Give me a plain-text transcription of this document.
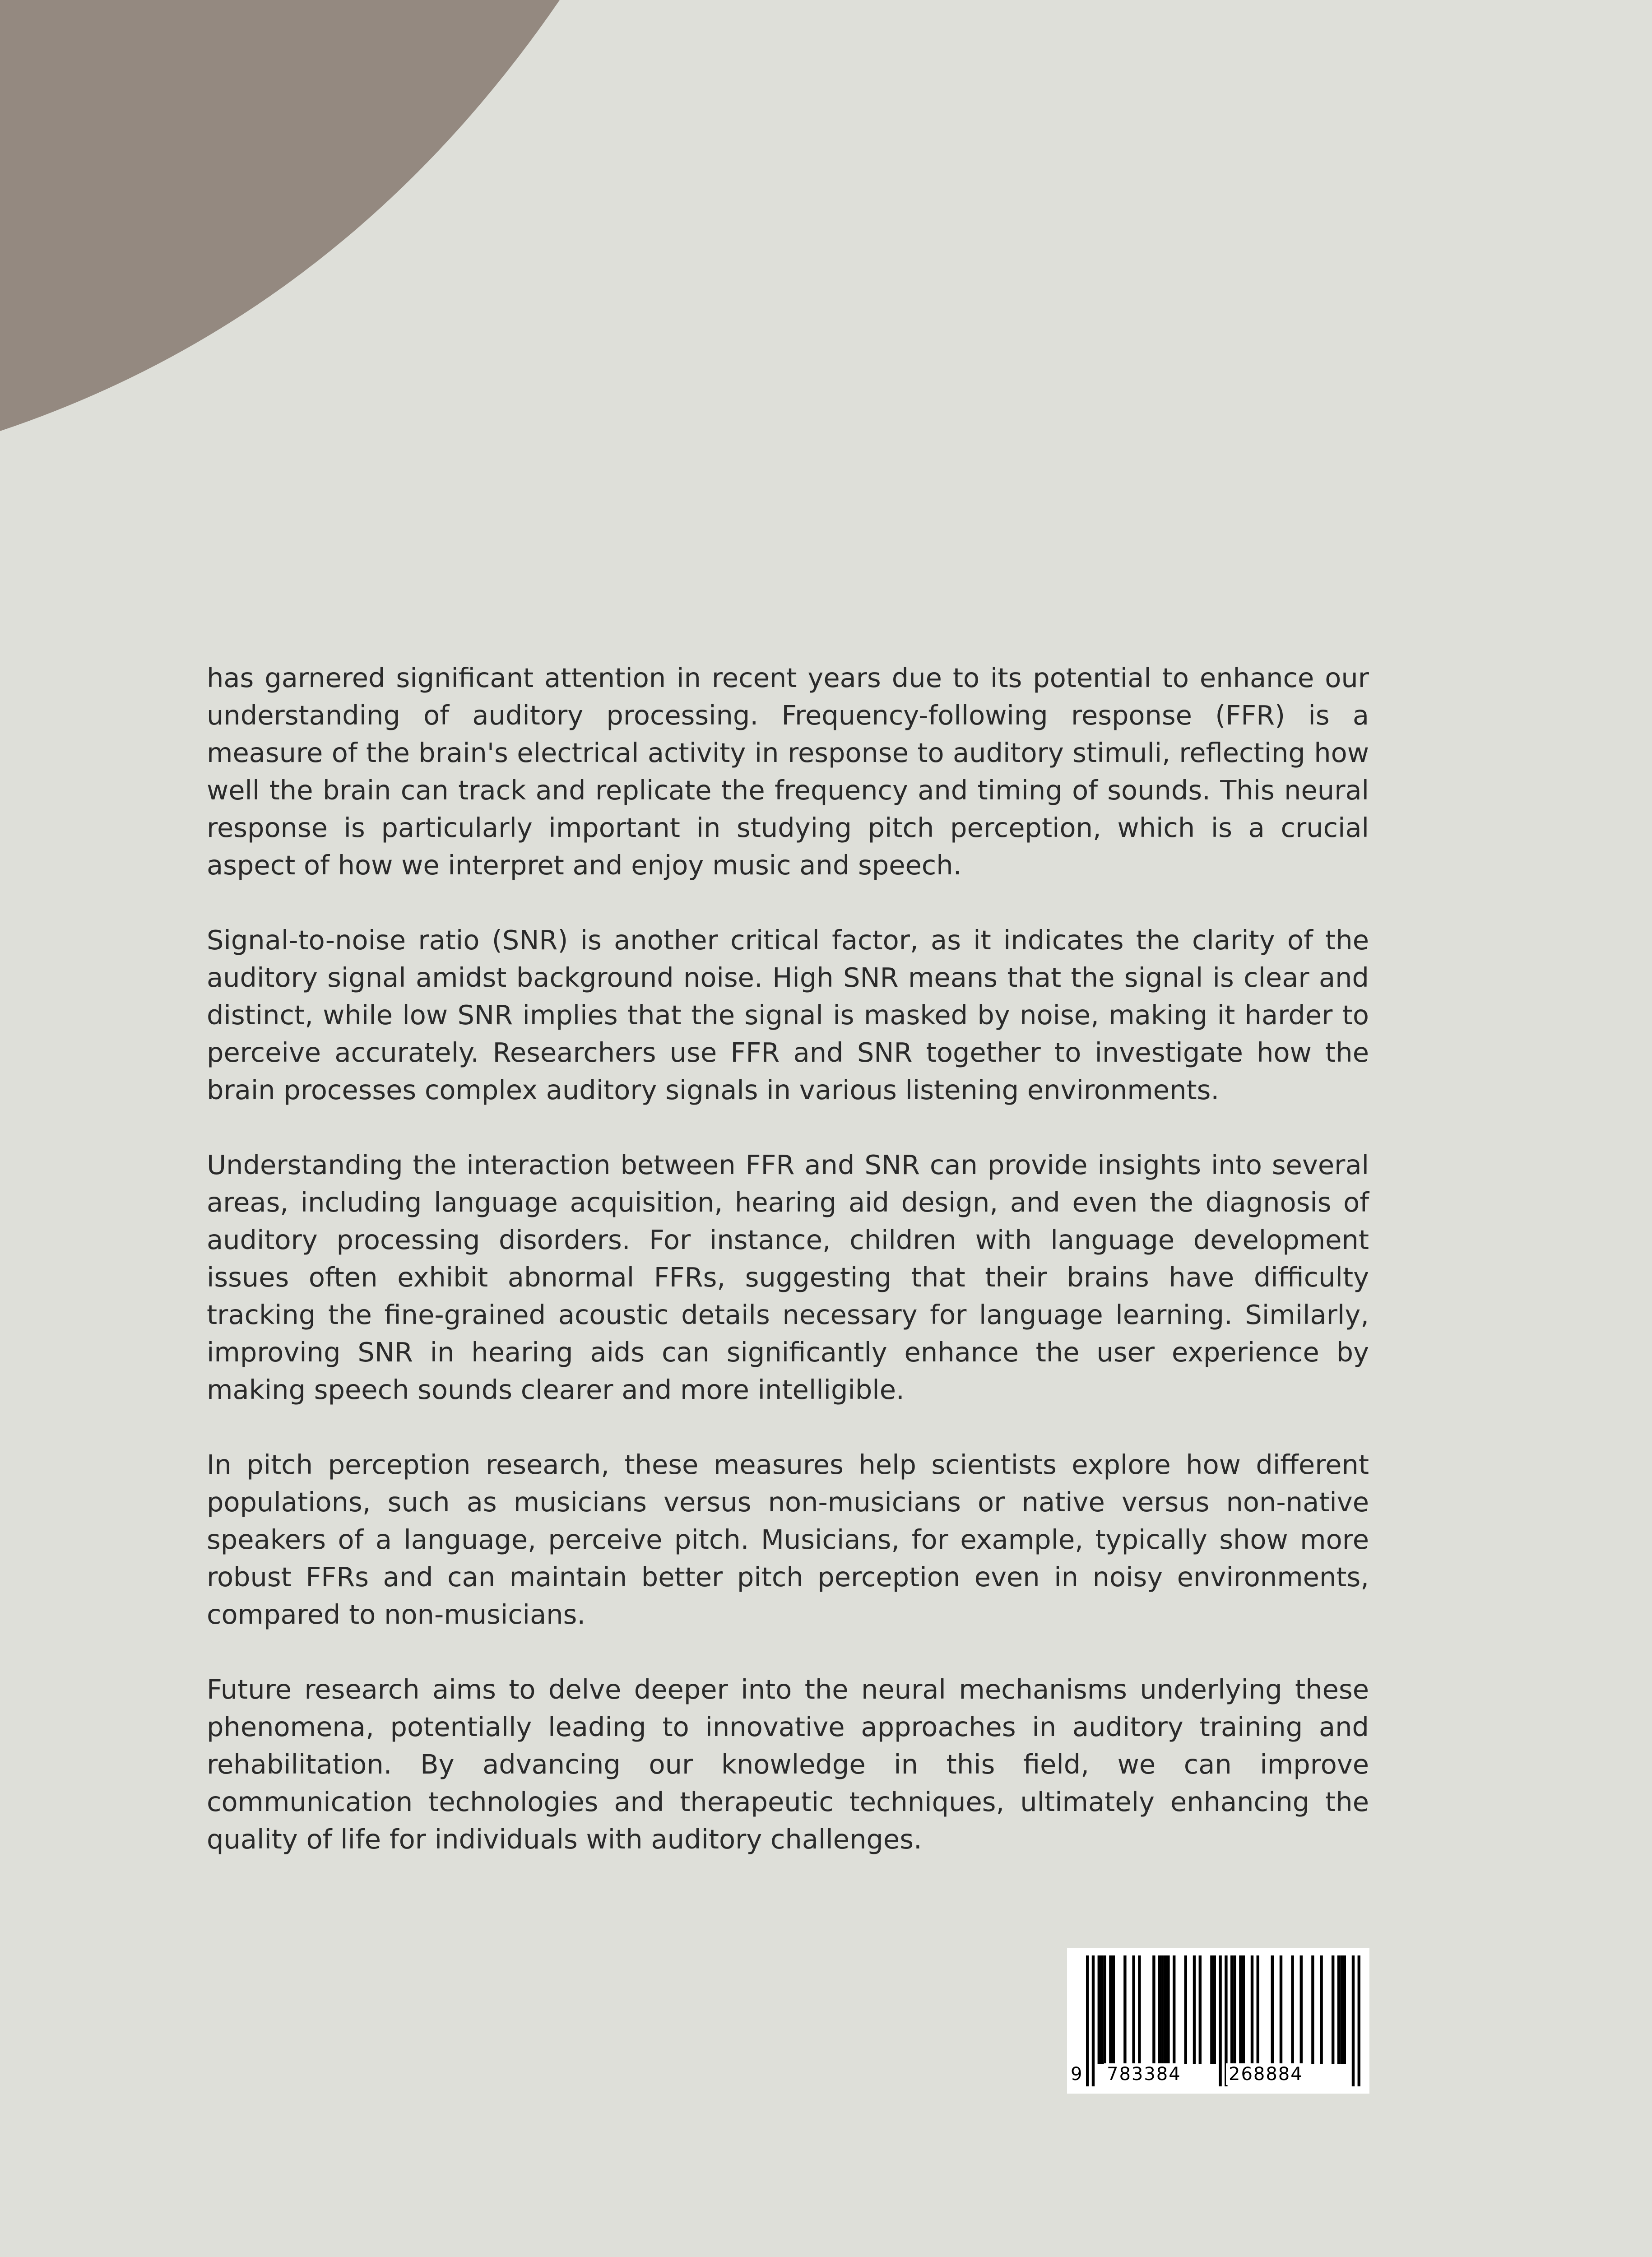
has garnered significant attention in recent years due to its potential to enhance our understanding of auditory processing. Frequency-following response (FFR) is a measure of the brain's electrical activity in response to auditory stimuli, reflecting how well the brain can track and replicate the frequency and timing of sounds. This neural response is particularly important in studying pitch perception, which is a crucial aspect of how we interpret and enjoy music and speech.

Signal-to-noise ratio (SNR) is another critical factor, as it indicates the clarity of the auditory signal amidst background noise. High SNR means that the signal is clear and distinct, while low SNR implies that the signal is masked by noise, making it harder to perceive accurately. Researchers use FFR and SNR together to investigate how the brain processes complex auditory signals in various listening environments.

Understanding the interaction between FFR and SNR can provide insights into several areas, including language acquisition, hearing aid design, and even the diagnosis of auditory processing disorders. For instance, children with language development issues often exhibit abnormal FFRs, suggesting that their brains have difficulty tracking the fine-grained acoustic details necessary for language learning. Similarly, improving SNR in hearing aids can significantly enhance the user experience by making speech sounds clearer and more intelligible.

In pitch perception research, these measures help scientists explore how different populations, such as musicians versus non-musicians or native versus non-native speakers of a language, perceive pitch. Musicians, for example, typically show more robust FFRs and can maintain better pitch perception even in noisy environments, compared to non-musicians.

Future research aims to delve deeper into the neural mechanisms underlying these phenomena, potentially leading to innovative approaches in auditory training and rehabilitation. By advancing our knowledge in this field, we can improve communication technologies and therapeutic techniques, ultimately enhancing the quality of life for individuals with auditory challenges.

9 783384	268884
